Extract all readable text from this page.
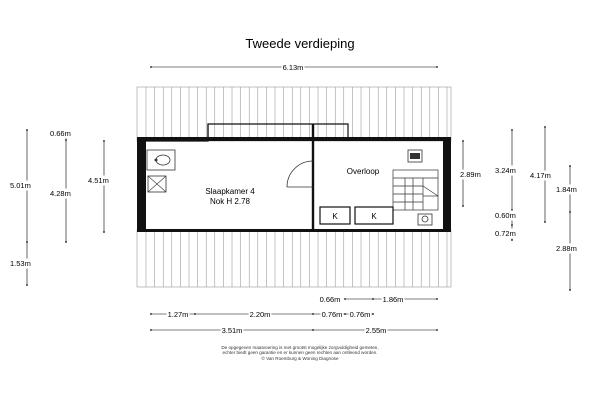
Tweede verdieping
K	K
Slaapkamer 4
Nok H 2.78
Overloop
6.13m
5.01m
1.53m
0.66m
4.28m
4.51m
2.89m 3.24m
0.60m
0.72m
4.17m
1.84m
2.88m
0.66m	1.86m
1.27m	2.20m	0.76m 0.76m
3.51m	2.55m
De opgegeven maatvoering is met grootst mogelijke zorgvuldigheid gemeten,
echter biedt geen garantie en er kunnen geen rechten aan ontleend worden.
© Van Roemburg & Woning Diagnose
